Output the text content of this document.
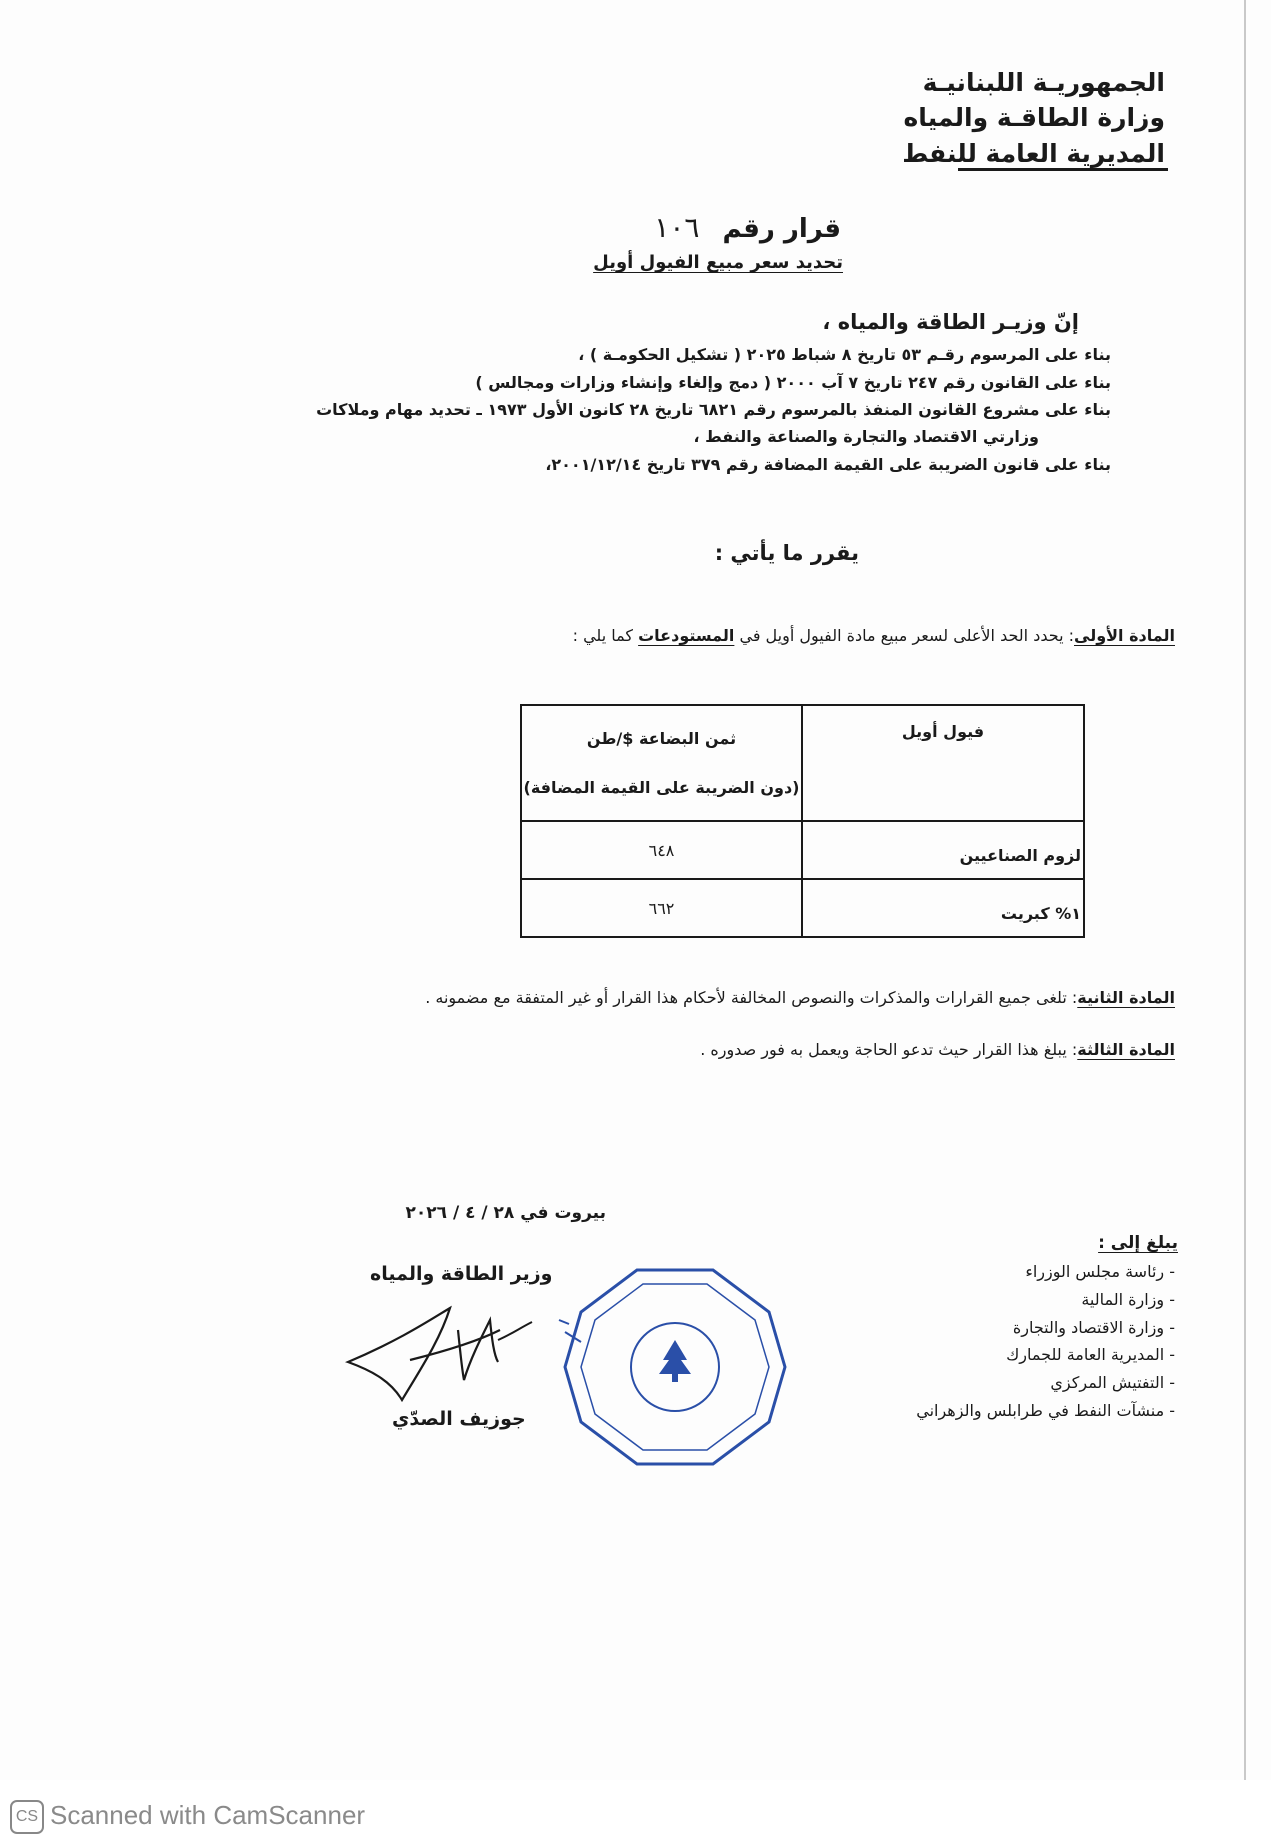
الجمهوريـة اللبنانيـة
وزارة الطاقـة والمياه
المديرية العامة للنفط
قرار رقم ١٠٦
تحديد سعر مبيع الفيول أويل
إنّ وزيـر الطاقة والمياه ،
بناء على المرسوم رقـم ٥٣ تاريخ ٨ شباط ٢٠٢٥ ( تشكيل الحكومـة ) ،
بناء على القانون رقم ٢٤٧ تاريخ ٧ آب ٢٠٠٠ ( دمج وإلغاء وإنشاء وزارات ومجالس )
بناء على مشروع القانون المنفذ بالمرسوم رقم ٦٨٢١ تاريخ ٢٨ كانون الأول ١٩٧٣ ـ تحديد مهام وملاكات
وزارتي الاقتصاد والتجارة والصناعة والنفط ،
بناء على قانون الضريبة على القيمة المضافة رقم ٣٧٩ تاريخ ٢٠٠١/١٢/١٤،
يقرر ما يأتي :
المادة الأولى: يحدد الحد الأعلى لسعر مبيع مادة الفيول أويل في المستودعات كما يلي :
فيول أويل	ثمن البضاعة $/طن
(دون الضريبة على القيمة المضافة)

لزوم الصناعيين	٦٤٨
١% كبريت	٦٦٢
المادة الثانية: تلغى جميع القرارات والمذكرات والنصوص المخالفة لأحكام هذا القرار أو غير المتفقة مع مضمونه .
المادة الثالثة: يبلغ هذا القرار حيث تدعو الحاجة ويعمل به فور صدوره .
بيروت في ٢٨ / ٤ / ٢٠٢٦
يبلغ إلى :
- رئاسة مجلس الوزراء
- وزارة المالية
- وزارة الاقتصاد والتجارة
- المديرية العامة للجمارك
- التفتيش المركزي
- منشآت النفط في طرابلس والزهراني
وزير الطاقة والمياه
جوزيف الصدّي
CS Scanned with CamScanner
